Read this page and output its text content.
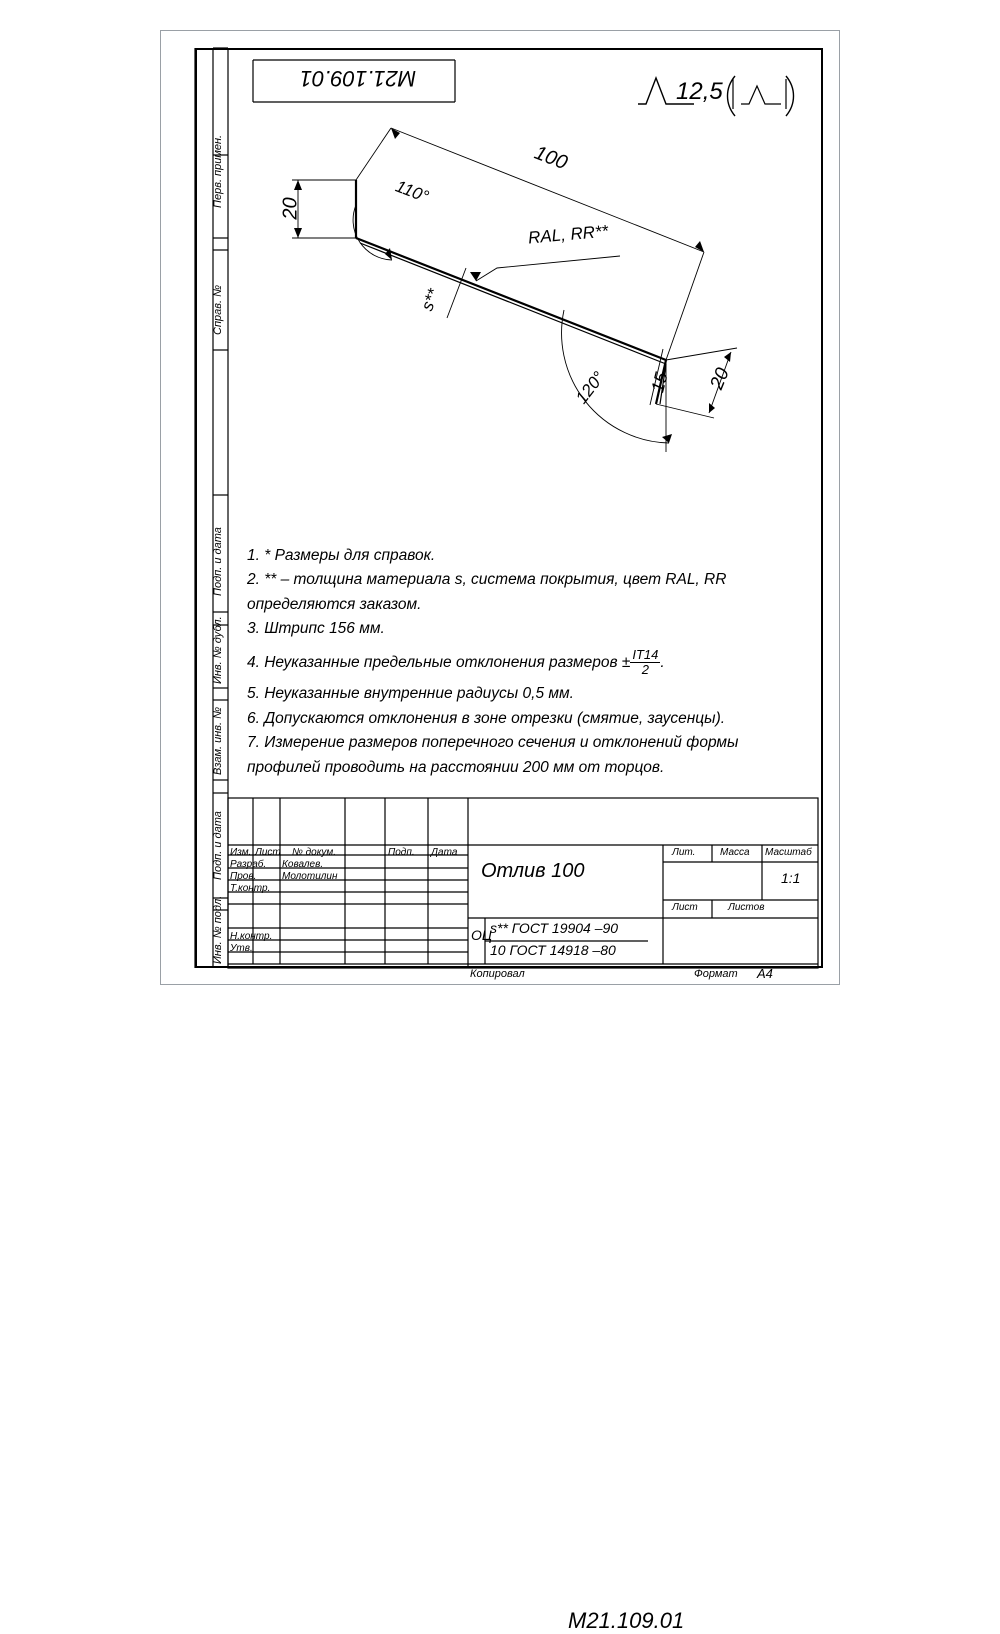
M21.109.01	12,5
100
20
110°
RAL, RR**
s**
120° 15 20
1. * Размеры для справок.
2. ** – толщина материала s, система покрытия, цвет RAL, RR
определяются заказом.
3. Штрипс 156 мм.
4. Неуказанные предельные отклонения размеров ± $\frac{IT14}{2}$ .
5. Неуказанные внутренние радиусы 0,5 мм.
6. Допускаются отклонения в зоне отрезки (смятие, заусенцы).
7. Измерение размеров поперечного сечения и отклонений формы
профилей проводить на расстоянии 200 мм от торцов.
Перв. примен.
Справ. №
Подп. и дата
Инв. № дубл.
Взам. инв. №
Подп. и дата
Инв. № подл.
M21.109.01
Отлив 100
Изм. Лист № докум.	Подп. Дата
Разраб. Ковалев.
Пров.	Молотилин
Т.контр.
Н.контр.
Утв.
Лит. Масса Масштаб
1:1
Лист	Листов
ОЦ
s** ГОСТ 19904 –90
10 ГОСТ 14918 –80
Копировал	Формат A4
